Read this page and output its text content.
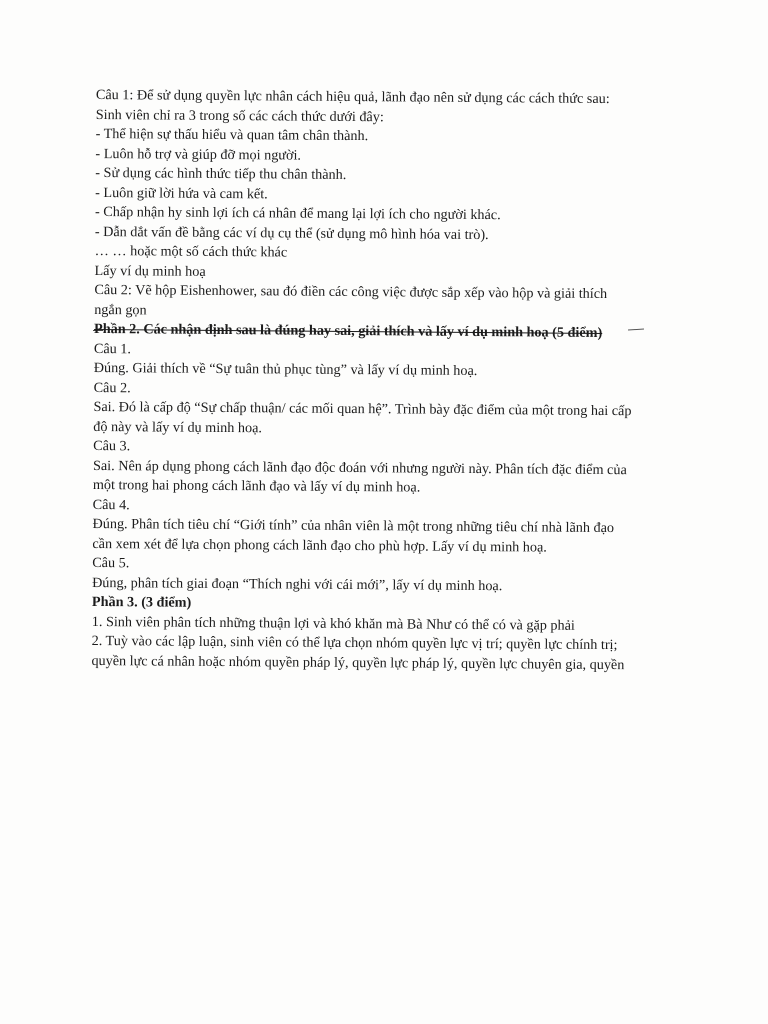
Câu 1: Để sử dụng quyền lực nhân cách hiệu quả, lãnh đạo nên sử dụng các cách thức sau:
Sinh viên chỉ ra 3 trong số các cách thức dưới đây:
- Thể hiện sự thấu hiểu và quan tâm chân thành.
- Luôn hỗ trợ và giúp đỡ mọi người.
- Sử dụng các hình thức tiếp thu chân thành.
- Luôn giữ lời hứa và cam kết.
- Chấp nhận hy sinh lợi ích cá nhân để mang lại lợi ích cho người khác.
- Dẫn dắt vấn đề bằng các ví dụ cụ thể (sử dụng mô hình hóa vai trò).
… … hoặc một số cách thức khác
Lấy ví dụ minh hoạ
Câu 2: Vẽ hộp Eishenhower, sau đó điền các công việc được sắp xếp vào hộp và giải thích
ngắn gọn
Phần 2. Các nhận định sau là đúng hay sai, giải thích và lấy ví dụ minh hoạ (5 điểm)
Câu 1.
Đúng. Giải thích về “Sự tuân thủ phục tùng” và lấy ví dụ minh hoạ.
Câu 2.
Sai. Đó là cấp độ “Sự chấp thuận/ các mối quan hệ”. Trình bày đặc điểm của một trong hai cấp
độ này và lấy ví dụ minh hoạ.
Câu 3.
Sai. Nên áp dụng phong cách lãnh đạo độc đoán với nhưng người này. Phân tích đặc điểm của
một trong hai phong cách lãnh đạo và lấy ví dụ minh hoạ.
Câu 4.
Đúng. Phân tích tiêu chí “Giới tính” của nhân viên là một trong những tiêu chí nhà lãnh đạo
cần xem xét để lựa chọn phong cách lãnh đạo cho phù hợp. Lấy ví dụ minh hoạ.
Câu 5.
Đúng, phân tích giai đoạn “Thích nghi với cái mới”, lấy ví dụ minh hoạ.
Phần 3. (3 điểm)
1. Sinh viên phân tích những thuận lợi và khó khăn mà Bà Như có thể có và gặp phải
2. Tuỳ vào các lập luận, sinh viên có thể lựa chọn nhóm quyền lực vị trí; quyền lực chính trị;
quyền lực cá nhân hoặc nhóm quyền pháp lý, quyền lực pháp lý, quyền lực chuyên gia, quyền
